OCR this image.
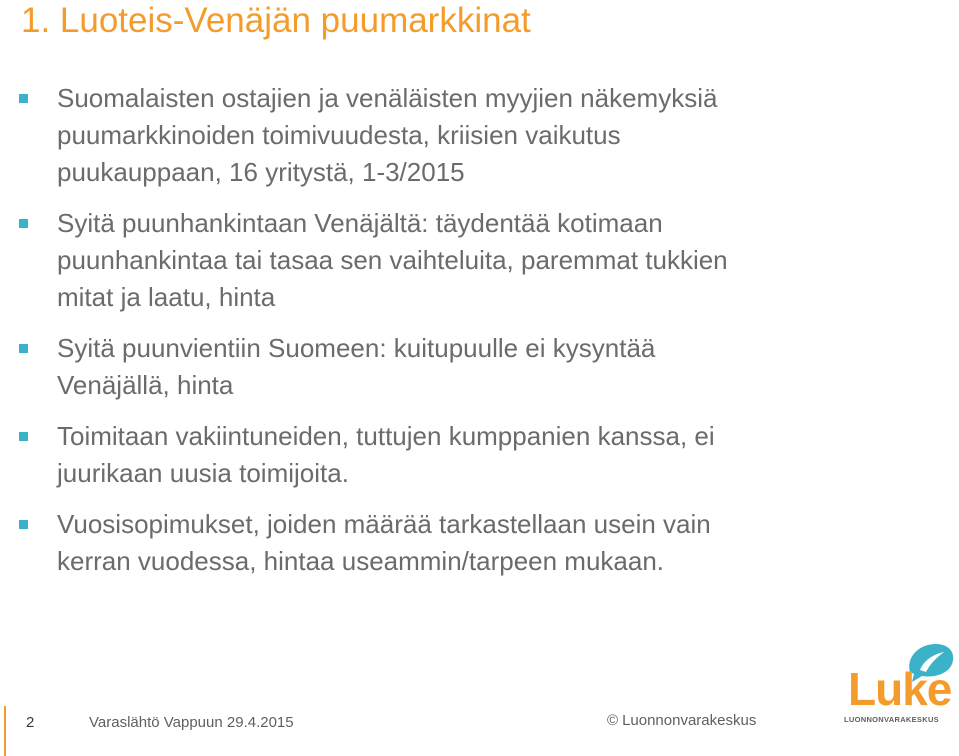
1. Luoteis-Venäjän puumarkkinat
Suomalaisten ostajien ja venäläisten myyjien näkemyksiä
puumarkkinoiden toimivuudesta, kriisien vaikutus
puukauppaan, 16 yritystä, 1-3/2015
Syitä puunhankintaan Venäjältä: täydentää kotimaan
puunhankintaa tai tasaa sen vaihteluita, paremmat tukkien
mitat ja laatu, hinta
Syitä puunvientiin Suomeen: kuitupuulle ei kysyntää
Venäjällä, hinta
Toimitaan vakiintuneiden, tuttujen kumppanien kanssa, ei
juurikaan uusia toimijoita.
Vuosisopimukset, joiden määrää tarkastellaan usein vain
kerran vuodessa, hintaa useammin/tarpeen mukaan.
2	Varaslähtö Vappuun 29.4.2015	© Luonnonvarakeskus
Luke
LUONNONVARAKESKUS
